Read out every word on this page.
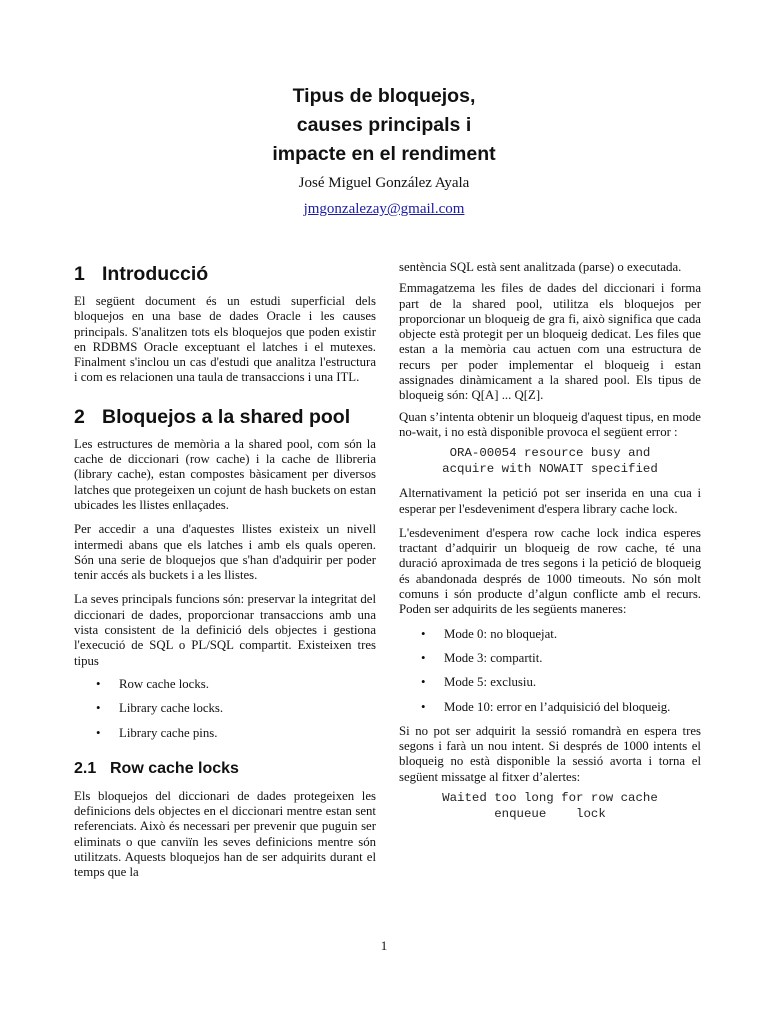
Tipus de bloquejos,
causes principals i
impacte en el rendiment
José Miguel González Ayala
jmgonzalezay@gmail.com
1 Introducció

El següent document és un estudi superficial dels bloquejos en una base de dades Oracle i les causes principals. S'analitzen tots els bloquejos que poden existir en RDBMS Oracle exceptuant el latches i el mutexes. Finalment s'inclou un cas d'estudi que analitza l'estructura i com es relacionen una taula de transaccions i una ITL.

2 Bloquejos a la shared pool

Les estructures de memòria a la shared pool, com són la cache de diccionari (row cache) i la cache de llibreria (library cache), estan compostes bàsicament per diversos latches que protegeixen un cojunt de hash buckets on estan ubicades les llistes enllaçades.

Per accedir a una d'aquestes llistes existeix un nivell intermedi abans que els latches i amb els quals operen. Són una serie de bloquejos que s'han d'adquirir per poder tenir accés als buckets i a les llistes.

La seves principals funcions són: preservar la integritat del diccionari de dades, proporcionar transaccions amb una vista consistent de la definició dels objectes i gestiona l'execució de SQL o PL/SQL compartit. Existeixen tres tipus

•	Row cache locks.
•	Library cache locks.
•	Library cache pins.
2.1 Row cache locks

Els bloquejos del diccionari de dades protegeixen les definicions dels objectes en el diccionari mentre estan sent referenciats. Això és necessari per prevenir que puguin ser eliminats o que canviïn les seves definicions mentre són utilitzats. Aquests bloquejos han de ser adquirits durant el temps que la

sentència SQL està sent analitzada (parse) o executada.

Emmagatzema les files de dades del diccionari i forma part de la shared pool, utilitza els bloquejos per proporcionar un bloqueig de gra fi, això significa que cada objecte està protegit per un bloqueig dedicat. Les files que estan a la memòria cau actuen com una estructura de recurs per poder implementar el bloqueig i estan assignades dinàmicament a la shared pool. Els tipus de bloqueig són: Q[A] ... Q[Z].

Quan s’intenta obtenir un bloqueig d'aquest tipus, en mode no-wait, i no està disponible provoca el següent error :

ORA-00054 resource busy and
acquire with NOWAIT specified

Alternativament la petició pot ser inserida en una cua i esperar per l'esdeveniment d'espera library cache lock.

L'esdeveniment d'espera row cache lock indica esperes tractant d’adquirir un bloqueig de row cache, té una duració aproximada de tres segons i la petició de bloqueig és abandonada després de 1000 timeouts. No són molt comuns i són producte d’algun conflicte amb el recurs. Poden ser adquirits de les següents maneres:

•	Mode 0: no bloquejat.
•	Mode 3: compartit.
•	Mode 5: exclusiu.
•	Mode 10: error en l’adquisició del bloqueig.

Si no pot ser adquirit la sessió romandrà en espera tres segons i farà un nou intent. Si després de 1000 intents el bloqueig no està disponible la sessió avorta i torna el següent missatge al fitxer d’alertes:

Waited too long for row cache
enqueue    lock
1
